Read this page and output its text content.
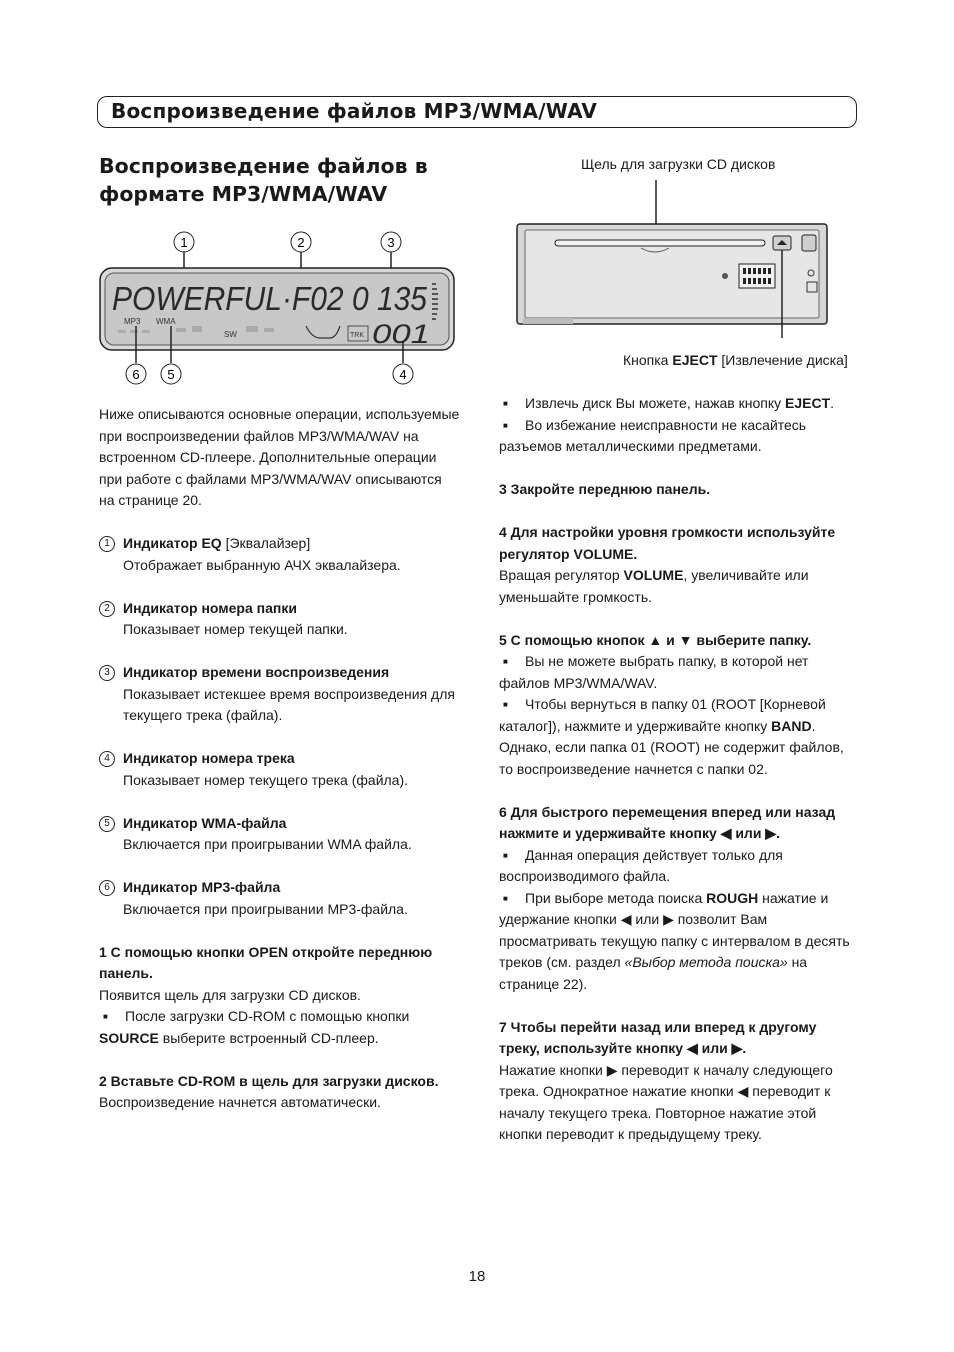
Воспроизведение файлов MP3/WMA/WAV
Воспроизведение файлов в формате MP3/WMA/WAV
1	2	3
POWERFUL·F02 0 135
MP3 WMA
SW	TRK 001
6 5	4
Щель для загрузки CD дисков
Кнопка EJECT [Извлечение диска]

Ниже описываются основные операции, используемые при воспроизведении файлов MP3/WMA/WAV на встроенном CD-плеере. Дополнительные операции при работе с файлами MP3/WMA/WAV описываются на странице 20.

1 Индикатор EQ [Эквалайзер]
Отображает выбранную АЧХ эквалайзера.
2 Индикатор номера папки
Показывает номер текущей папки.
3 Индикатор времени воспроизведения
Показывает истекшее время воспроизведения для текущего трека (файла).
4 Индикатор номера трека
Показывает номер текущего трека (файла).
5 Индикатор WMA-файла
Включается при проигрывании WMA файла.
6 Индикатор MP3-файла
Включается при проигрывании MP3-файла.

1 С помощью кнопки OPEN откройте переднюю панель.

Появится щель для загрузки CD дисков.

■ После загрузки CD-ROM с помощью кнопки SOURCE выберите встроенный CD-плеер.

2 Вставьте CD-ROM в щель для загрузки дисков.

Воспроизведение начнется автоматически.

■ Извлечь диск Вы можете, нажав кнопку EJECT.

■ Во избежание неисправности не касайтесь разъемов металлическими предметами.

3 Закройте переднюю панель.

4 Для настройки уровня громкости используйте регулятор VOLUME.

Вращая регулятор VOLUME, увеличивайте или уменьшайте громкость.

5 С помощью кнопок ▲ и ▼ выберите папку.

■ Вы не можете выбрать папку, в которой нет файлов MP3/WMA/WAV.

■ Чтобы вернуться в папку 01 (ROOT [Корневой каталог]), нажмите и удерживайте кнопку BAND. Однако, если папка 01 (ROOT) не содержит файлов, то воспроизведение начнется с папки 02.

6 Для быстрого перемещения вперед или назад нажмите и удерживайте кнопку ◀ или ▶.

■ Данная операция действует только для воспроизводимого файла.

■ При выборе метода поиска ROUGH нажатие и удержание кнопки ◀ или ▶ позволит Вам просматривать текущую папку с интервалом в десять треков (см. раздел «Выбор метода поиска» на странице 22).

7 Чтобы перейти назад или вперед к другому треку, используйте кнопку ◀ или ▶.

Нажатие кнопки ▶ переводит к началу следующего трека. Однократное нажатие кнопки ◀ переводит к началу текущего трека. Повторное нажатие этой кнопки переводит к предыдущему треку.

18
